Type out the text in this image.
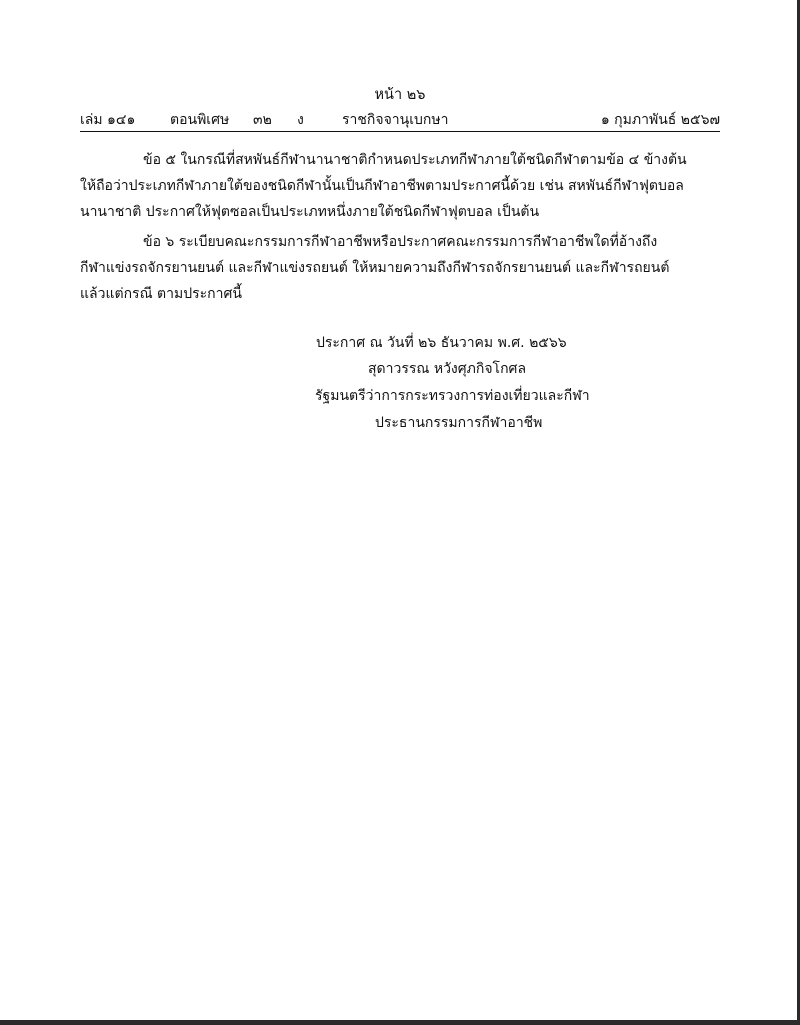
หน้า ๒๖
เล่ม ๑๔๑ ตอนพิเศษ ๓๒ ง	ราชกิจจานุเบกษา	๑ กุมภาพันธ์ ๒๕๖๗
ข้อ ๕ ในกรณีที่สหพันธ์กีฬานานาชาติกำหนดประเภทกีฬาภายใต้ชนิดกีฬาตามข้อ ๔ ข้างต้น
ให้ถือว่าประเภทกีฬาภายใต้ของชนิดกีฬานั้นเป็นกีฬาอาชีพตามประกาศนี้ด้วย เช่น สหพันธ์กีฬาฟุตบอล
นานาชาติ ประกาศให้ฟุตซอลเป็นประเภทหนึ่งภายใต้ชนิดกีฬาฟุตบอล เป็นต้น
ข้อ ๖ ระเบียบคณะกรรมการกีฬาอาชีพหรือประกาศคณะกรรมการกีฬาอาชีพใดที่อ้างถึง
กีฬาแข่งรถจักรยานยนต์ และกีฬาแข่งรถยนต์ ให้หมายความถึงกีฬารถจักรยานยนต์ และกีฬารถยนต์
แล้วแต่กรณี ตามประกาศนี้
ประกาศ ณ วันที่ ๒๖ ธันวาคม พ.ศ. ๒๕๖๖
สุดาวรรณ หวังศุภกิจโกศล
รัฐมนตรีว่าการกระทรวงการท่องเที่ยวและกีฬา
ประธานกรรมการกีฬาอาชีพ
